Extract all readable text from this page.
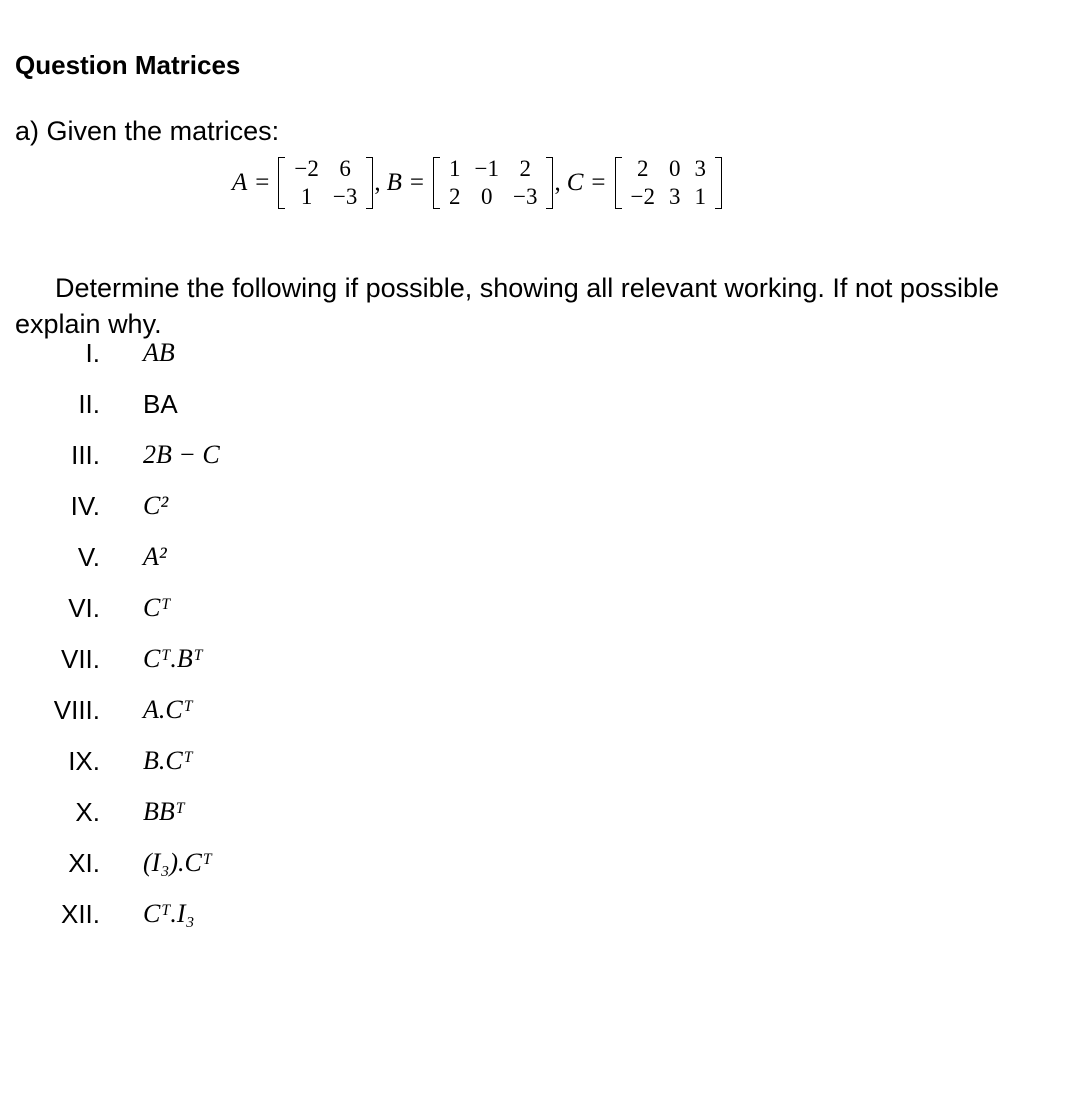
Question Matrices
a) Given the matrices:
A =
−2	6
1	−3
, B =
1	−1	2
2	0	−3
, C =
2	0	3
−2	3	1
Determine the following if possible, showing all relevant working. If not possible explain why.
I. AB
II. BA
III. 2B − C
IV. C²
V. A²
VI. Cᵀ
VII. Cᵀ.Bᵀ
VIII. A.Cᵀ
IX. B.Cᵀ
X. BBᵀ
XI. (I₃).Cᵀ
XII. Cᵀ.I₃
